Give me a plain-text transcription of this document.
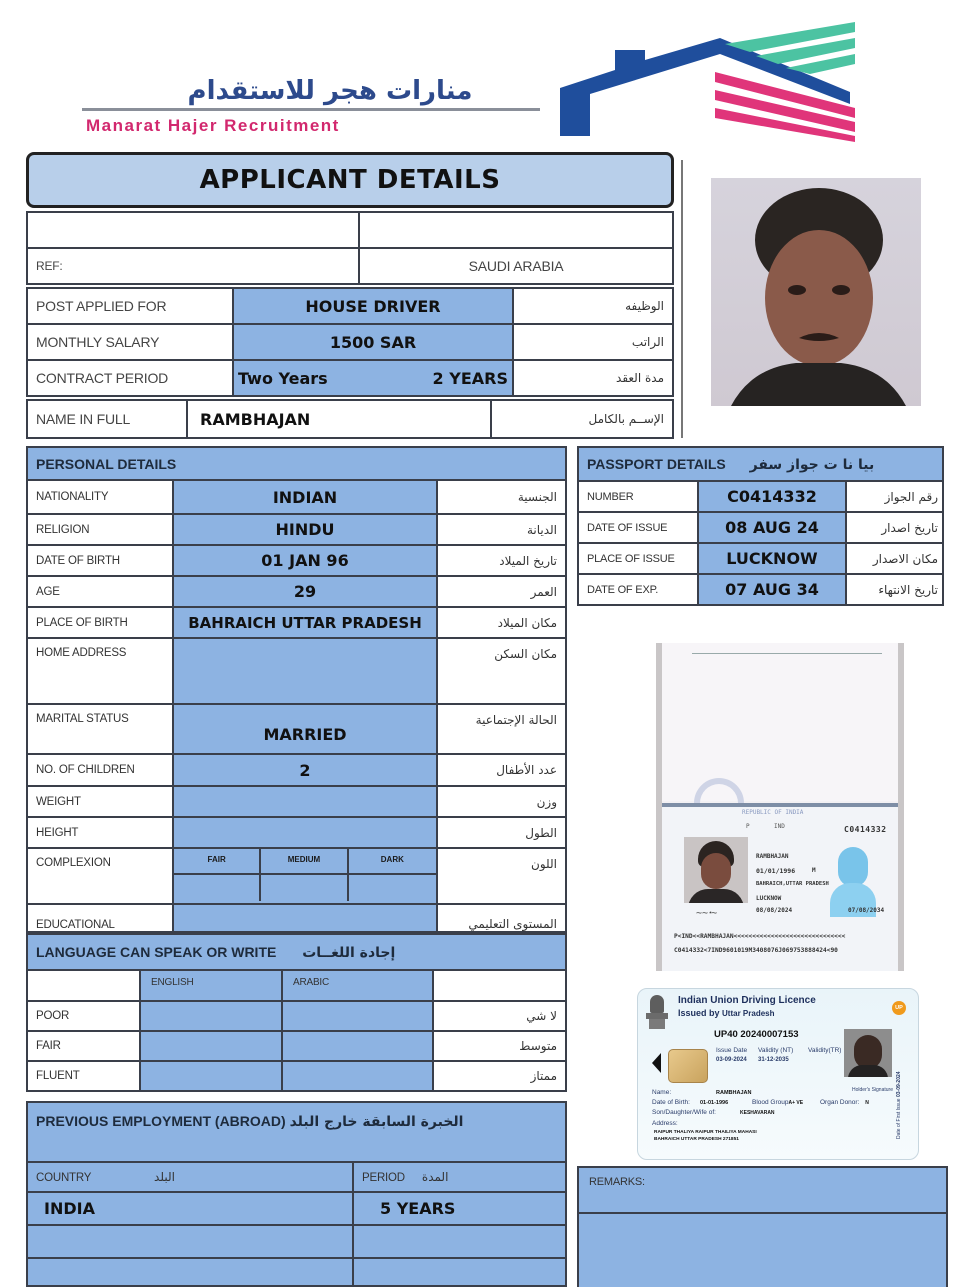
منارات هجر للاستقدام
Manarat Hajer Recruitment
APPLICANT DETAILS

REF:	SAUDI ARABIA
POST APPLIED FOR	HOUSE DRIVER	الوظيفه
MONTHLY SALARY	1500 SAR	الراتب
CONTRACT PERIOD	Two Years 2 YEARS	مدة العقد
NAME IN FULL	RAMBHAJAN	الإســم بالكامل
PERSONAL DETAILS		
NATIONALITY	INDIAN	الجنسية
RELIGION	HINDU	الديانة
DATE OF BIRTH	01 JAN 96	تاريخ الميلاد
AGE	29	العمر
PLACE OF BIRTH	BAHRAICH UTTAR PRADESH	مكان الميلاد
HOME ADDRESS		مكان السكن
MARITAL STATUS	MARRIED	الحالة الإجتماعية
NO. OF CHILDREN	2	عدد الأطفال
WEIGHT		وزن
HEIGHT		الطول
COMPLEXION	FAIR MEDIUM DARK	اللون
EDUCATIONAL		المستوى التعليمي
LANGUAGE CAN SPEAK OR WRITE إجادة اللغــات			
	ENGLISH	ARABIC	
POOR			لا شي
FAIR			متوسط
FLUENT			ممتاز
PREVIOUS EMPLOYMENT (ABROAD) الخبرة السابقة خارج البلد	
COUNTRY البلد	PERIOD المدة
INDIA	5 YEARS

PASSPORT DETAILS بيا نا ت جواز سفر		
NUMBER	C0414332	رقم الجواز
DATE OF ISSUE	08 AUG 24	تاريخ اصدار
PLACE OF ISSUE	LUCKNOW	مكان الاصدار
DATE OF EXP.	07 AUG 34	تاريخ الانتهاء
REPUBLIC OF INDIA
P	IND	C0414332
RAMBHAJAN
01/01/1996	M
BAHRAICH,UTTAR PRADESH
LUCKNOW
08/08/2024	07/08/2034
~~ꞏ~
P<IND<<RAMBHAJAN<<<<<<<<<<<<<<<<<<<<<<<<<<<<<<
C0414332<7IND9601019M3408076J069753888424<90
Indian Union Driving Licence
Issued by Uttar Pradesh
UP
UP40 20240007153
Issue Date
03-09-2024
Validity (NT)
31-12-2035
Validity(TR)
Holder's Signature
Name:	RAMBHAJAN
Date of Birth: 01-01-1996	Blood GroupA+ VE	Organ Donor: N
Son/Daughter/Wife of:	KESHAVARAN
Address:
RAIPUR THALIYA RAIPUR THAILIYA MAHASI
BAHRAICH UTTAR PRADESH 271851
Date of First Issue 03-09-2024
REMARKS:
